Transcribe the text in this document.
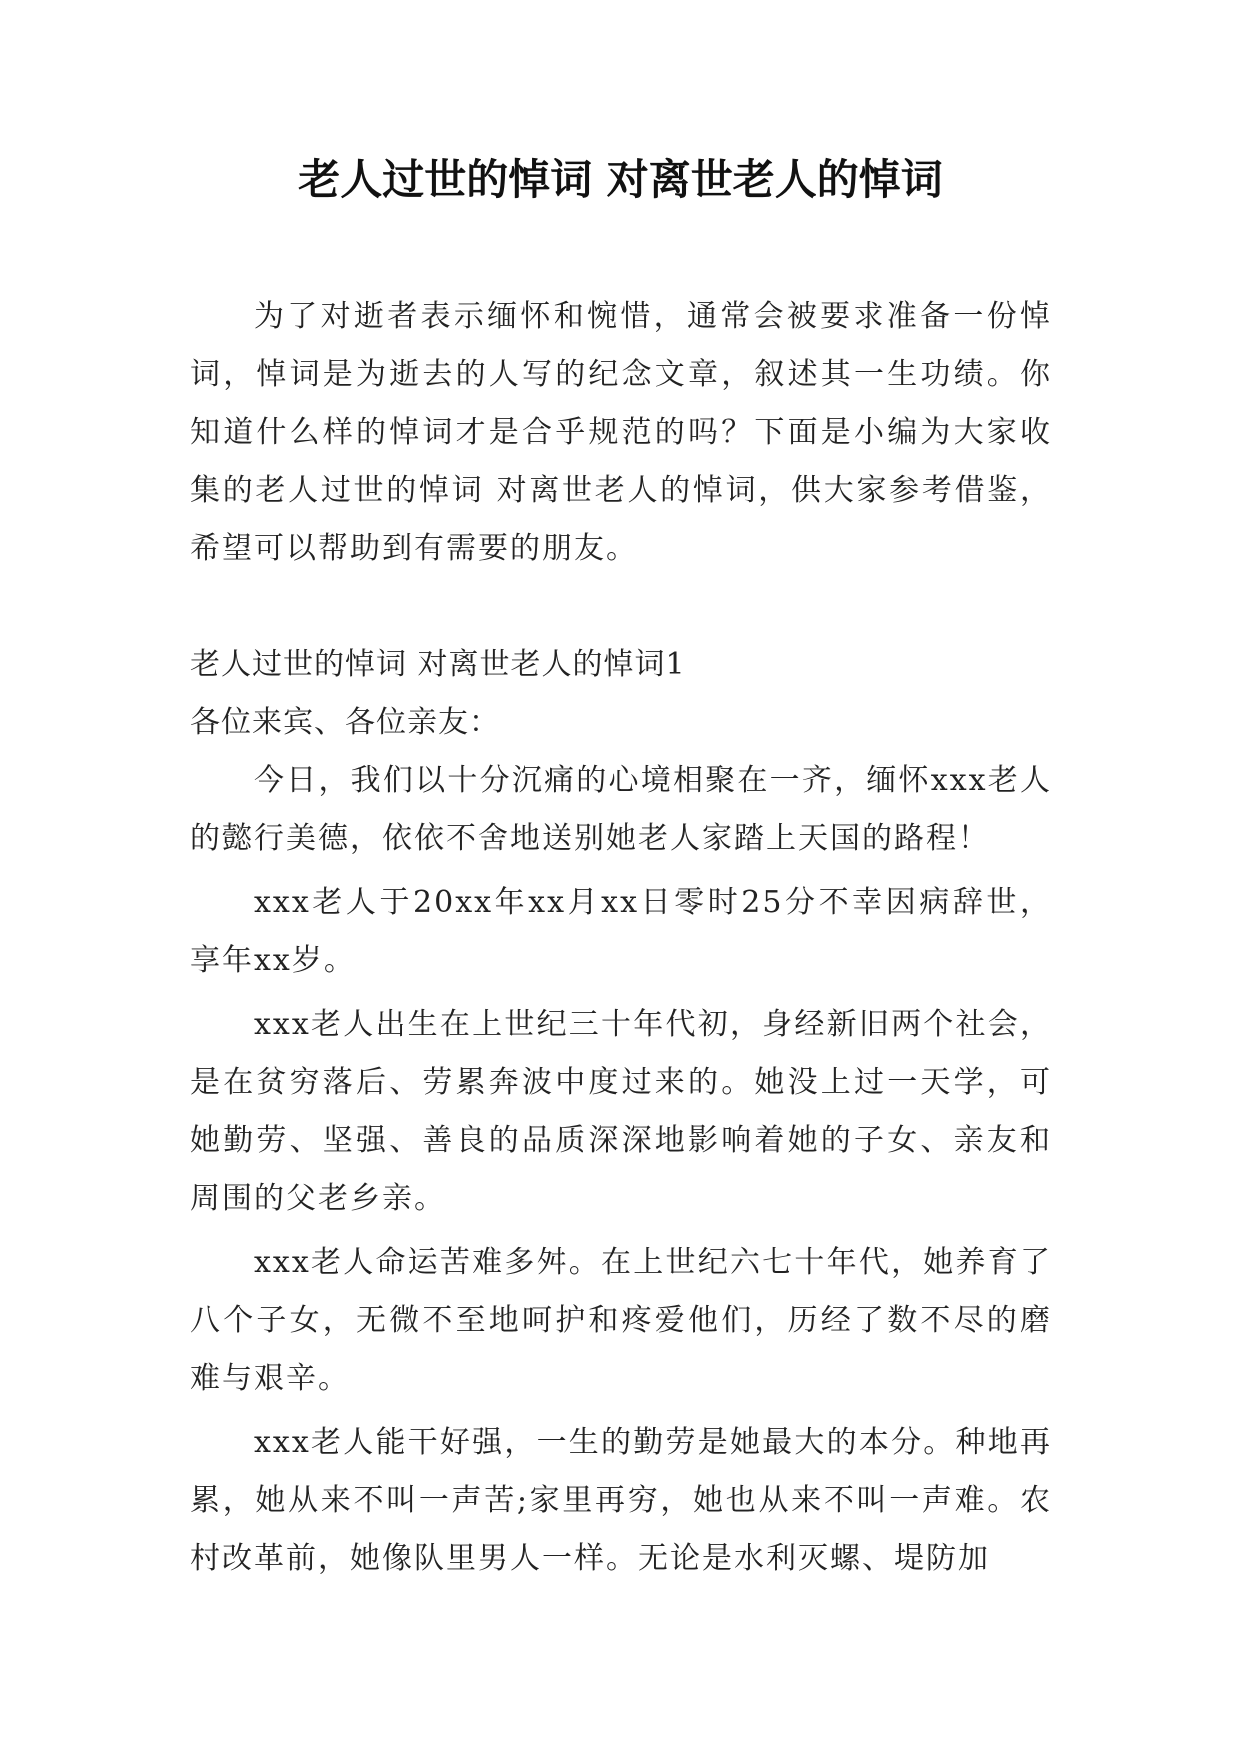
老人过世的悼词 对离世老人的悼词

为了对逝者表示缅怀和惋惜，通常会被要求准备一份悼词，悼词是为逝去的人写的纪念文章，叙述其一生功绩。你知道什么样的悼词才是合乎规范的吗？下面是小编为大家收集的老人过世的悼词 对离世老人的悼词，供大家参考借鉴，希望可以帮助到有需要的朋友。

老人过世的悼词 对离世老人的悼词1

各位来宾、各位亲友：

今日，我们以十分沉痛的心境相聚在一齐，缅怀xxx老人的懿行美德，依依不舍地送别她老人家踏上天国的路程！

xxx老人于20xx年xx月xx日零时25分不幸因病辞世，享年xx岁。

xxx老人出生在上世纪三十年代初，身经新旧两个社会，是在贫穷落后、劳累奔波中度过来的。她没上过一天学，可她勤劳、坚强、善良的品质深深地影响着她的子女、亲友和周围的父老乡亲。

xxx老人命运苦难多舛。在上世纪六七十年代，她养育了八个子女，无微不至地呵护和疼爱他们，历经了数不尽的磨难与艰辛。

xxx老人能干好强，一生的勤劳是她最大的本分。种地再累，她从来不叫一声苦;家里再穷，她也从来不叫一声难。农村改革前，她像队里男人一样。无论是水利灭螺、堤防加
